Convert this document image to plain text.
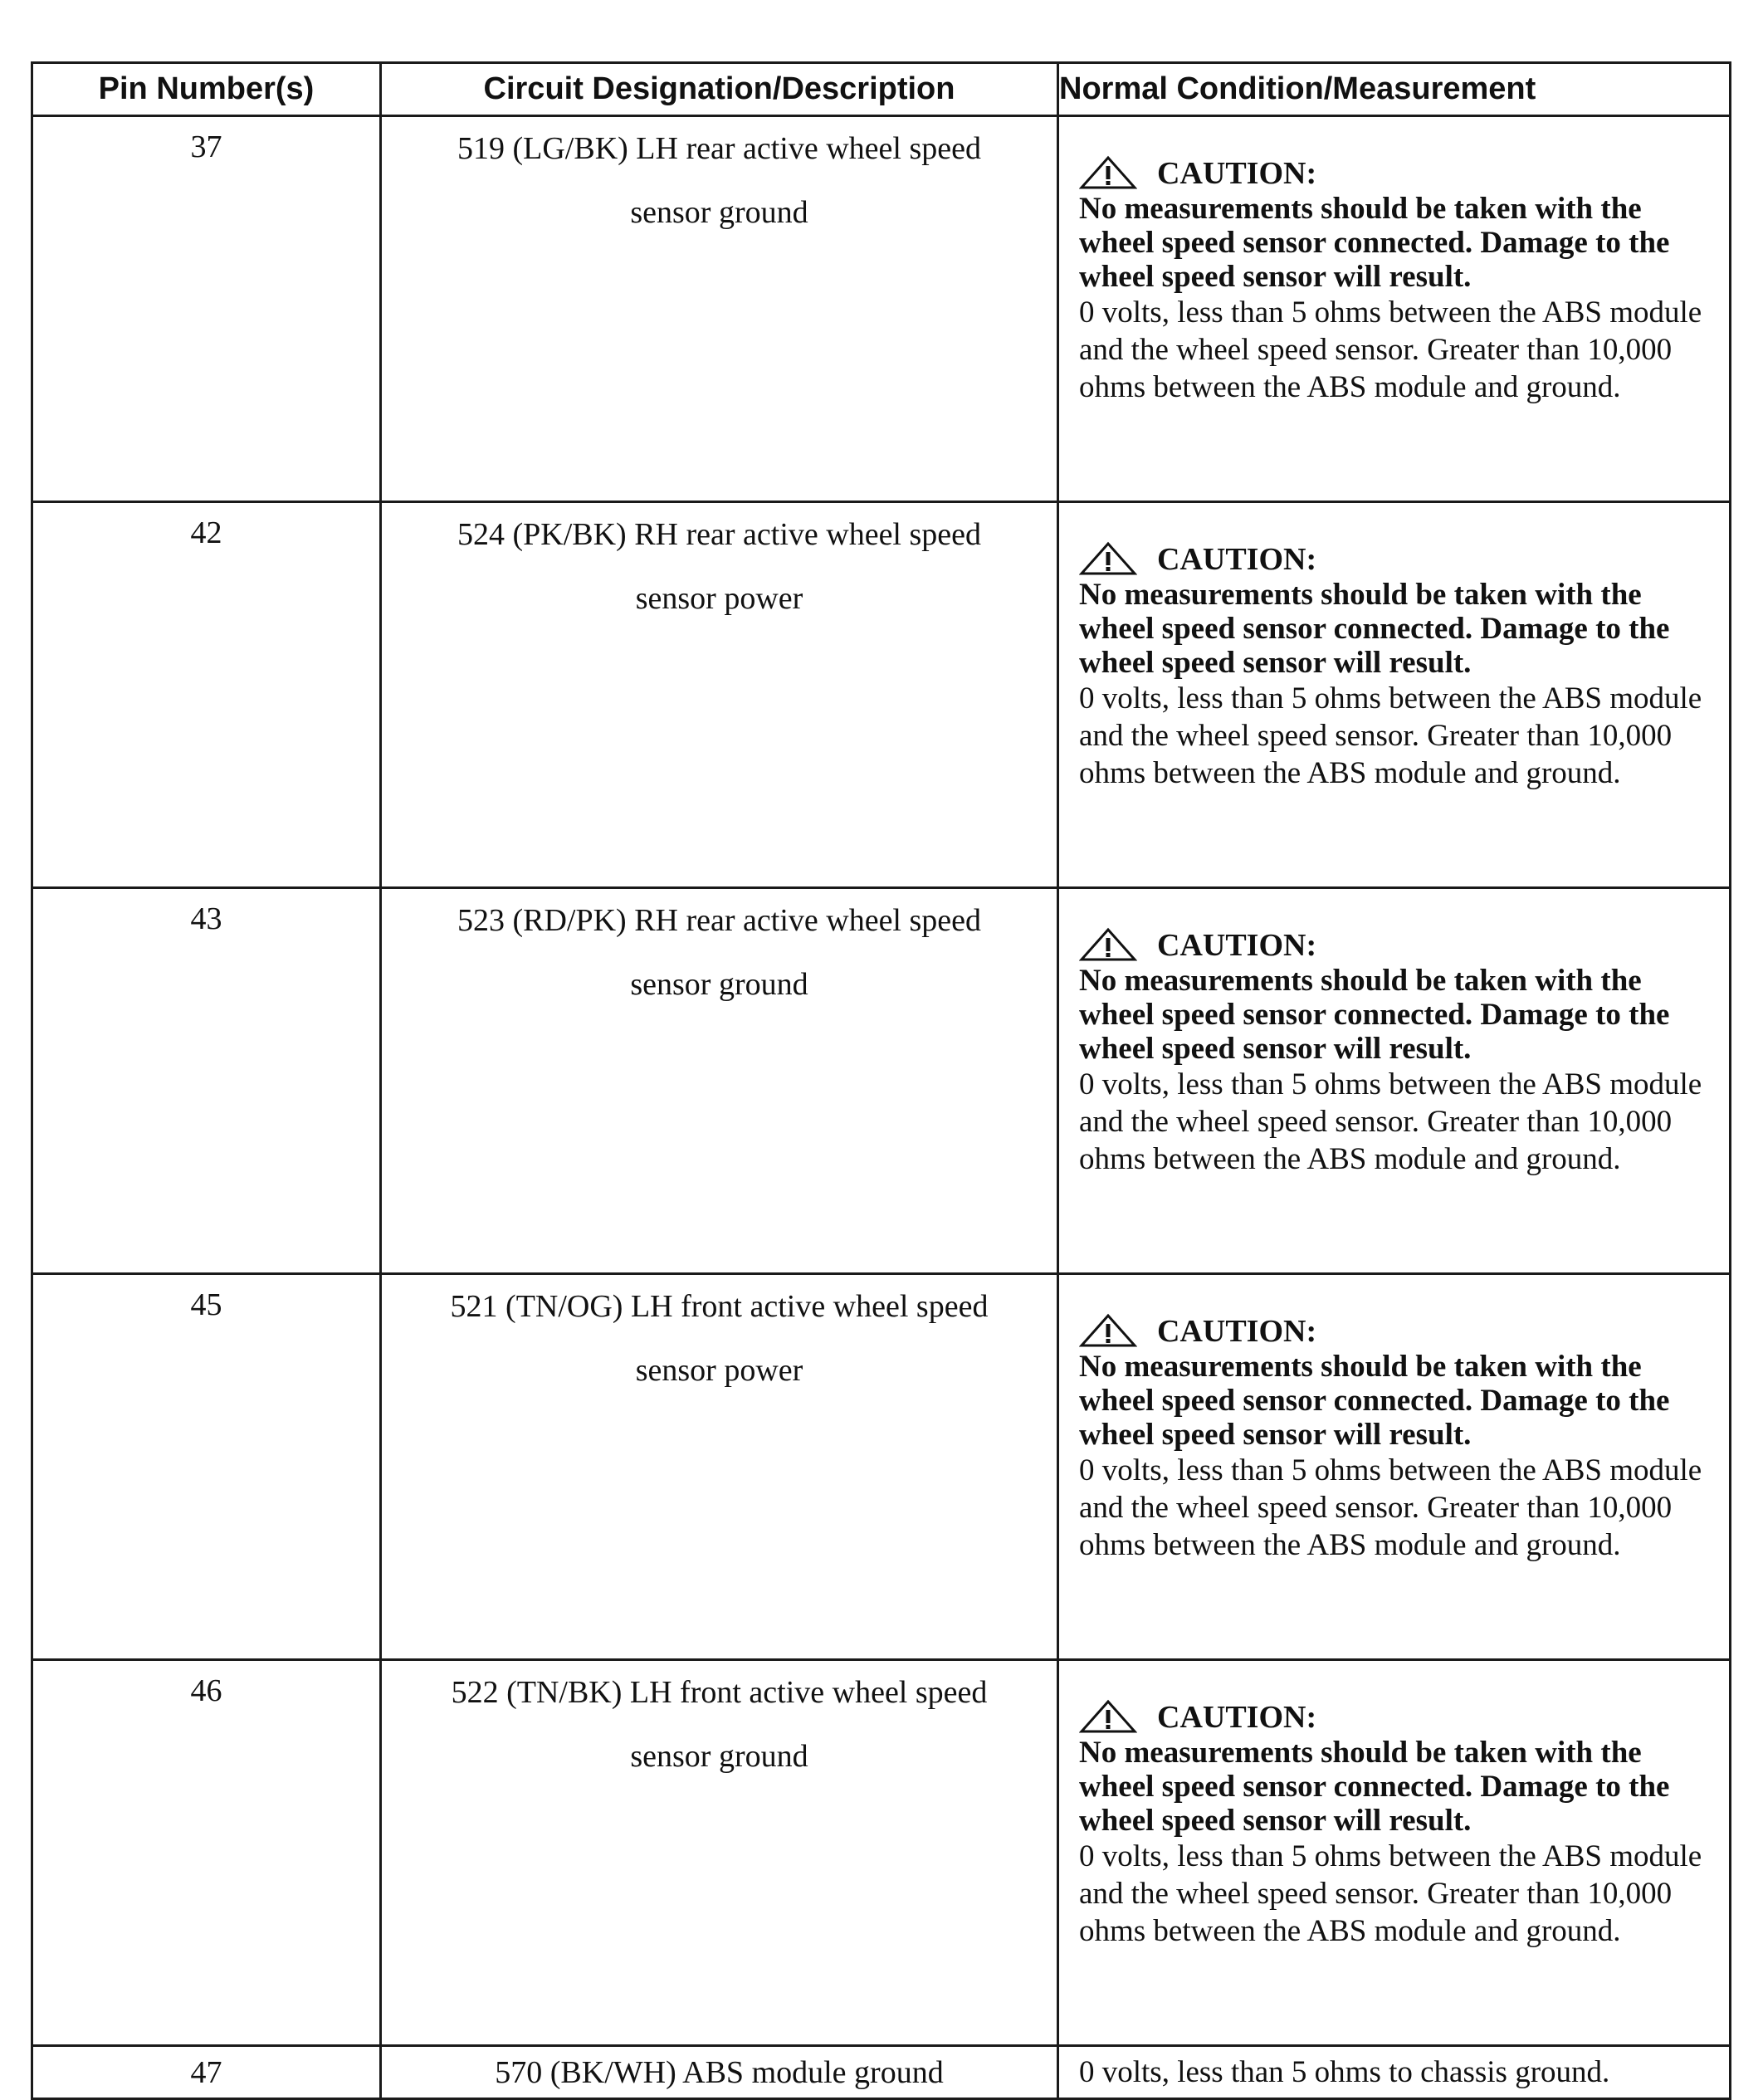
Pin Number(s)	Circuit Designation/Description	Normal Condition/Measurement
37	519 (LG/BK) LH rear active wheel speed sensor ground	CAUTION:
No measurements should be taken with the wheel speed sensor connected. Damage to the wheel speed sensor will result.
0 volts, less than 5 ohms between the ABS module and the wheel speed sensor. Greater than 10,000 ohms between the ABS module and ground.

42	524 (PK/BK) RH rear active wheel speed sensor power	CAUTION:
No measurements should be taken with the wheel speed sensor connected. Damage to the wheel speed sensor will result.
0 volts, less than 5 ohms between the ABS module and the wheel speed sensor. Greater than 10,000 ohms between the ABS module and ground.

43	523 (RD/PK) RH rear active wheel speed sensor ground	CAUTION:
No measurements should be taken with the wheel speed sensor connected. Damage to the wheel speed sensor will result.
0 volts, less than 5 ohms between the ABS module and the wheel speed sensor. Greater than 10,000 ohms between the ABS module and ground.

45	521 (TN/OG) LH front active wheel speed sensor power	CAUTION:
No measurements should be taken with the wheel speed sensor connected. Damage to the wheel speed sensor will result.
0 volts, less than 5 ohms between the ABS module and the wheel speed sensor. Greater than 10,000 ohms between the ABS module and ground.

46	522 (TN/BK) LH front active wheel speed sensor ground	CAUTION:
No measurements should be taken with the wheel speed sensor connected. Damage to the wheel speed sensor will result.
0 volts, less than 5 ohms between the ABS module and the wheel speed sensor. Greater than 10,000 ohms between the ABS module and ground.

47	570 (BK/WH) ABS module ground	0 volts, less than 5 ohms to chassis ground.
